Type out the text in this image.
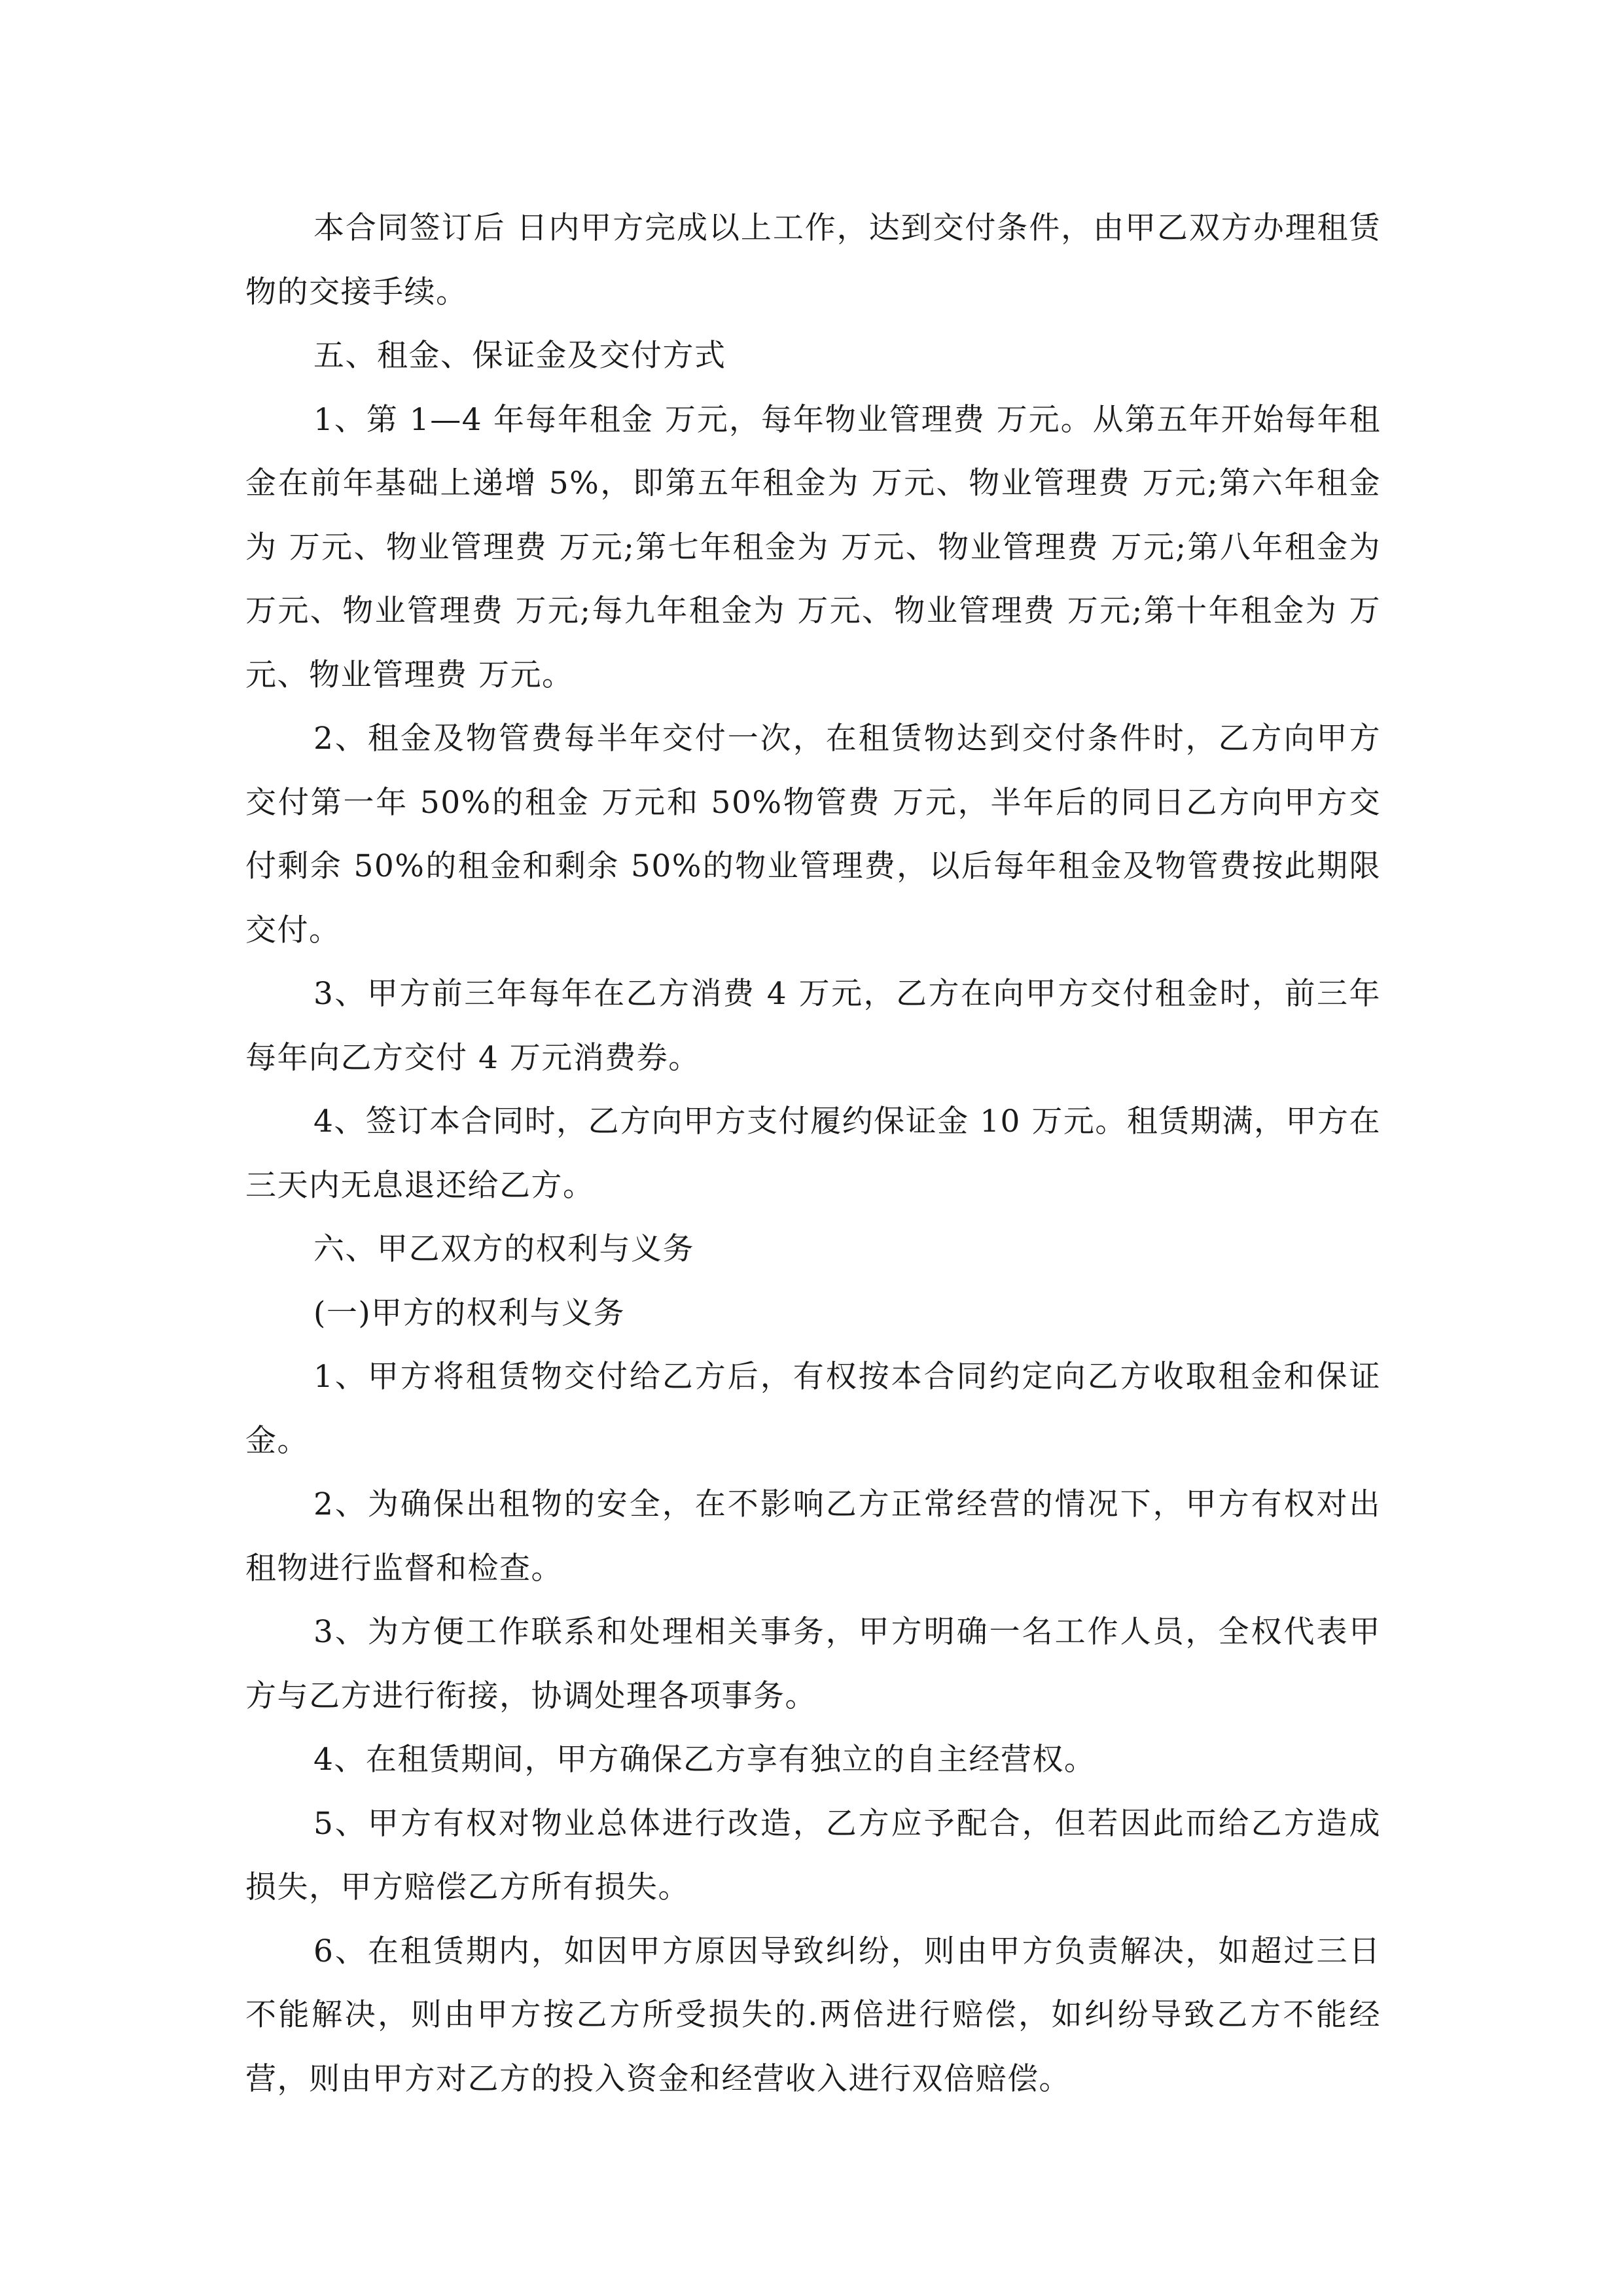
本合同签订后 日内甲方完成以上工作，达到交付条件，由甲乙双方办理租赁物的交接手续。

五、租金、保证金及交付方式

1、第 1—4 年每年租金 万元，每年物业管理费 万元。从第五年开始每年租金在前年基础上递增 5%，即第五年租金为 万元、物业管理费 万元;第六年租金为 万元、物业管理费 万元;第七年租金为 万元、物业管理费 万元;第八年租金为 万元、物业管理费 万元;每九年租金为 万元、物业管理费 万元;第十年租金为 万元、物业管理费 万元。

2、租金及物管费每半年交付一次，在租赁物达到交付条件时，乙方向甲方交付第一年 50%的租金 万元和 50%物管费 万元，半年后的同日乙方向甲方交付剩余 50%的租金和剩余 50%的物业管理费，以后每年租金及物管费按此期限交付。

3、甲方前三年每年在乙方消费 4 万元，乙方在向甲方交付租金时，前三年每年向乙方交付 4 万元消费券。

4、签订本合同时，乙方向甲方支付履约保证金 10 万元。租赁期满，甲方在三天内无息退还给乙方。

六、甲乙双方的权利与义务

(一)甲方的权利与义务

1、甲方将租赁物交付给乙方后，有权按本合同约定向乙方收取租金和保证金。

2、为确保出租物的安全，在不影响乙方正常经营的情况下，甲方有权对出租物进行监督和检查。

3、为方便工作联系和处理相关事务，甲方明确一名工作人员，全权代表甲方与乙方进行衔接，协调处理各项事务。

4、在租赁期间，甲方确保乙方享有独立的自主经营权。

5、甲方有权对物业总体进行改造，乙方应予配合，但若因此而给乙方造成损失，甲方赔偿乙方所有损失。

6、在租赁期内，如因甲方原因导致纠纷，则由甲方负责解决，如超过三日不能解决，则由甲方按乙方所受损失的.两倍进行赔偿，如纠纷导致乙方不能经营，则由甲方对乙方的投入资金和经营收入进行双倍赔偿。
